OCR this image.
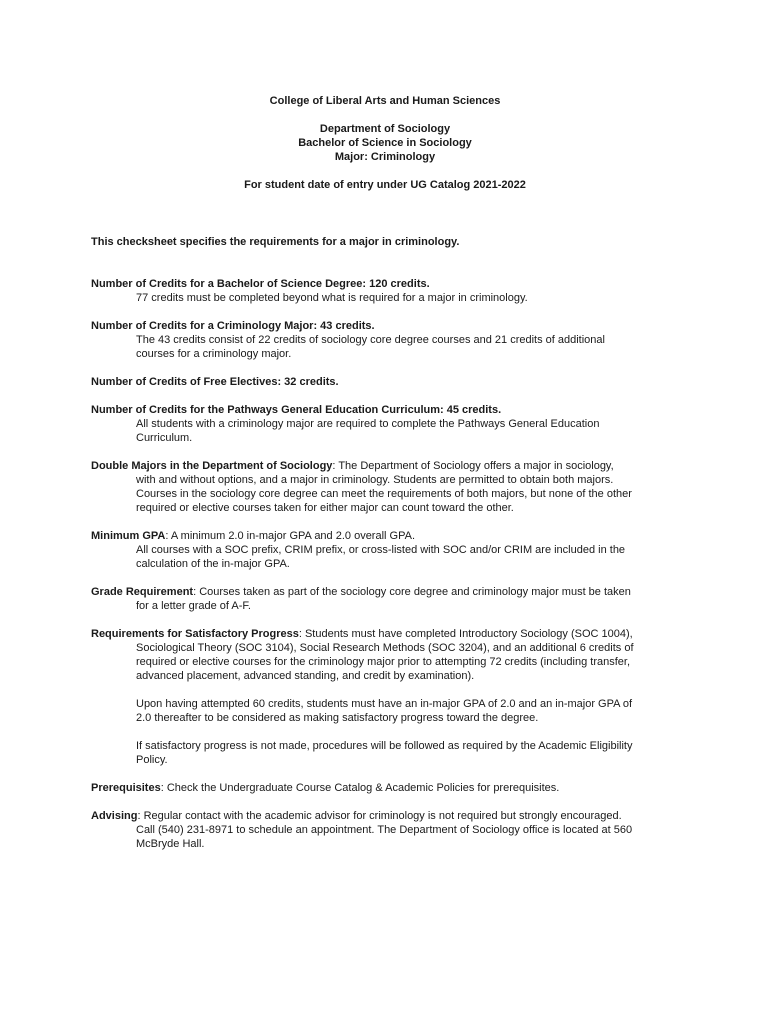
College of Liberal Arts and Human Sciences
Department of Sociology
Bachelor of Science in Sociology
Major: Criminology
For student date of entry under UG Catalog 2021-2022
This checksheet specifies the requirements for a major in criminology.
Number of Credits for a Bachelor of Science Degree: 120 credits.
77 credits must be completed beyond what is required for a major in criminology.
Number of Credits for a Criminology Major: 43 credits.
The 43 credits consist of 22 credits of sociology core degree courses and 21 credits of additional
courses for a criminology major.
Number of Credits of Free Electives: 32 credits.
Number of Credits for the Pathways General Education Curriculum: 45 credits.
All students with a criminology major are required to complete the Pathways General Education
Curriculum.
Double Majors in the Department of Sociology: The Department of Sociology offers a major in sociology,
with and without options, and a major in criminology. Students are permitted to obtain both majors.
Courses in the sociology core degree can meet the requirements of both majors, but none of the other
required or elective courses taken for either major can count toward the other.
Minimum GPA: A minimum 2.0 in-major GPA and 2.0 overall GPA.
All courses with a SOC prefix, CRIM prefix, or cross-listed with SOC and/or CRIM are included in the
calculation of the in-major GPA.
Grade Requirement: Courses taken as part of the sociology core degree and criminology major must be taken
for a letter grade of A-F.
Requirements for Satisfactory Progress: Students must have completed Introductory Sociology (SOC 1004),
Sociological Theory (SOC 3104), Social Research Methods (SOC 3204), and an additional 6 credits of
required or elective courses for the criminology major prior to attempting 72 credits (including transfer,
advanced placement, advanced standing, and credit by examination).
Upon having attempted 60 credits, students must have an in-major GPA of 2.0 and an in-major GPA of
2.0 thereafter to be considered as making satisfactory progress toward the degree.
If satisfactory progress is not made, procedures will be followed as required by the Academic Eligibility
Policy.
Prerequisites: Check the Undergraduate Course Catalog & Academic Policies for prerequisites.
Advising: Regular contact with the academic advisor for criminology is not required but strongly encouraged.
Call (540) 231-8971 to schedule an appointment. The Department of Sociology office is located at 560
McBryde Hall.
